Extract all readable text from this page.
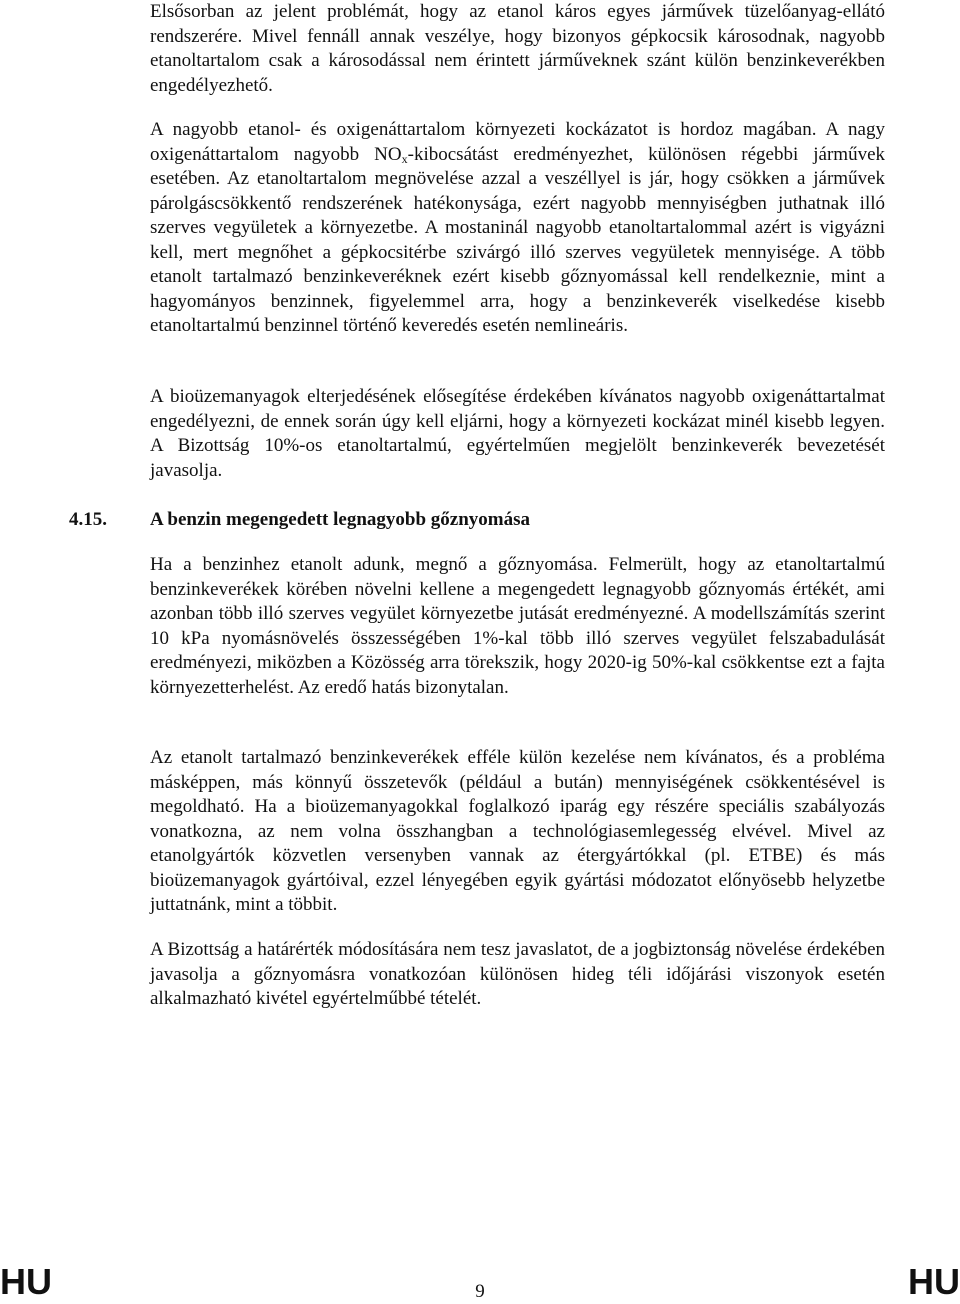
Elsősorban az jelent problémát, hogy az etanol káros egyes járművek tüzelőanyag-ellátó rendszerére. Mivel fennáll annak veszélye, hogy bizonyos gépkocsik károsodnak, nagyobb etanoltartalom csak a károsodással nem érintett járműveknek szánt külön benzinkeverékben engedélyezhető.

A nagyobb etanol- és oxigenáttartalom környezeti kockázatot is hordoz magában. A nagy oxigenáttartalom nagyobb $NO_x$-kibocsátást eredményezhet, különösen régebbi járművek esetében. Az etanoltartalom megnövelése azzal a veszéllyel is jár, hogy csökken a járművek párolgáscsökkentő rendszerének hatékonysága, ezért nagyobb mennyiségben juthatnak illó szerves vegyületek a környezetbe. A mostaninál nagyobb etanoltartalommal azért is vigyázni kell, mert megnőhet a gépkocsitérbe szivárgó illó szerves vegyületek mennyisége. A több etanolt tartalmazó benzinkeveréknek ezért kisebb gőznyomással kell rendelkeznie, mint a hagyományos benzinnek, figyelemmel arra, hogy a benzinkeverék viselkedése kisebb etanoltartalmú benzinnel történő keveredés esetén nemlineáris.

A bioüzemanyagok elterjedésének elősegítése érdekében kívánatos nagyobb oxigenáttartalmat engedélyezni, de ennek során úgy kell eljárni, hogy a környezeti kockázat minél kisebb legyen. A Bizottság 10%-os etanoltartalmú, egyértelműen megjelölt benzinkeverék bevezetését javasolja.

Ha a benzinhez etanolt adunk, megnő a gőznyomása. Felmerült, hogy az etanoltartalmú benzinkeverékek körében növelni kellene a megengedett legnagyobb gőznyomás értékét, ami azonban több illó szerves vegyület környezetbe jutását eredményezné. A modellszámítás szerint 10 kPa nyomásnövelés összességében 1%-kal több illó szerves vegyület felszabadulását eredményezi, miközben a Közösség arra törekszik, hogy 2020-ig 50%-kal csökkentse ezt a fajta környezetterhelést. Az eredő hatás bizonytalan.

Az etanolt tartalmazó benzinkeverékek efféle külön kezelése nem kívánatos, és a probléma másképpen, más könnyű összetevők (például a bután) mennyiségének csökkentésével is megoldható. Ha a bioüzemanyagokkal foglalkozó iparág egy részére speciális szabályozás vonatkozna, az nem volna összhangban a technológiasemlegesség elvével. Mivel az etanolgyártók közvetlen versenyben vannak az étergyártókkal (pl. ETBE) és más bioüzemanyagok gyártóival, ezzel lényegében egyik gyártási módozatot előnyösebb helyzetbe juttatnánk, mint a többit.

A Bizottság a határérték módosítására nem tesz javaslatot, de a jogbiztonság növelése érdekében javasolja a gőznyomásra vonatkozóan különösen hideg téli időjárási viszonyok esetén alkalmazható kivétel egyértelműbbé tételét.

4.15.	A benzin megengedett legnagyobb gőznyomása
HU	9	HU
